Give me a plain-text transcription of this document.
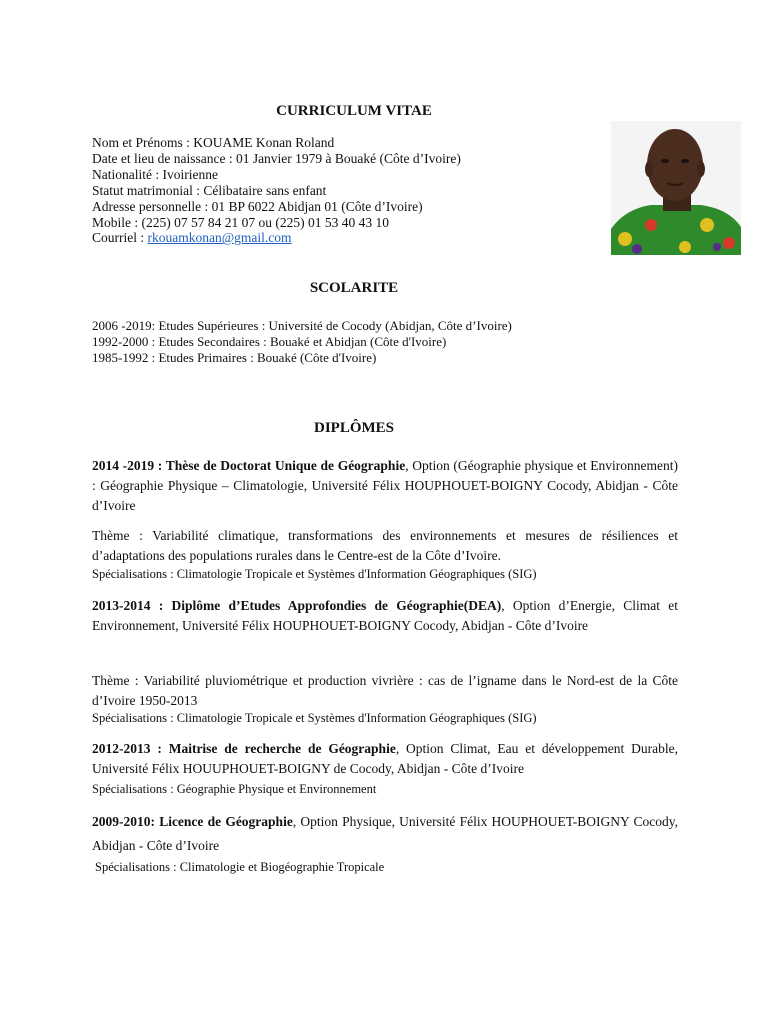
CURRICULUM VITAE
Nom et Prénoms : KOUAME Konan Roland
Date et lieu de naissance : 01 Janvier 1979 à Bouaké (Côte d’Ivoire)
Nationalité : Ivoirienne
Statut matrimonial : Célibataire sans enfant
Adresse personnelle : 01 BP 6022 Abidjan 01 (Côte d’Ivoire)
Mobile : (225) 07 57 84 21 07 ou (225) 01 53 40 43 10
Courriel : rkouamkonan@gmail.com
SCOLARITE
2006 -2019: Etudes Supérieures : Université de Cocody (Abidjan, Côte d’Ivoire)
1992-2000 : Etudes Secondaires : Bouaké et Abidjan (Côte d'Ivoire)
1985-1992 : Etudes Primaires : Bouaké (Côte d'Ivoire)
DIPLÔMES
2014 -2019 : Thèse de Doctorat Unique de Géographie, Option (Géographie physique et Environnement) : Géographie Physique – Climatologie, Université Félix HOUPHOUET-BOIGNY Cocody, Abidjan - Côte d’Ivoire
Thème : Variabilité climatique, transformations des environnements et mesures de résiliences et d’adaptations des populations rurales dans le Centre-est de la Côte d’Ivoire.
Spécialisations : Climatologie Tropicale et Systèmes d'Information Géographiques (SIG)
2013-2014 : Diplôme d’Etudes Approfondies de Géographie(DEA), Option d’Energie, Climat et Environnement, Université Félix HOUPHOUET-BOIGNY Cocody, Abidjan - Côte d’Ivoire
Thème : Variabilité pluviométrique et production vivrière : cas de l’igname dans le Nord-est de la Côte d’Ivoire 1950-2013
Spécialisations : Climatologie Tropicale et Systèmes d'Information Géographiques (SIG)
2012-2013 : Maitrise de recherche de Géographie, Option Climat, Eau et développement Durable, Université Félix HOUUPHOUET-BOIGNY de Cocody, Abidjan - Côte d’Ivoire
Spécialisations : Géographie Physique et Environnement
2009-2010: Licence de Géographie, Option Physique, Université Félix HOUPHOUET-BOIGNY Cocody, Abidjan - Côte d’Ivoire
Spécialisations : Climatologie et Biogéographie Tropicale
